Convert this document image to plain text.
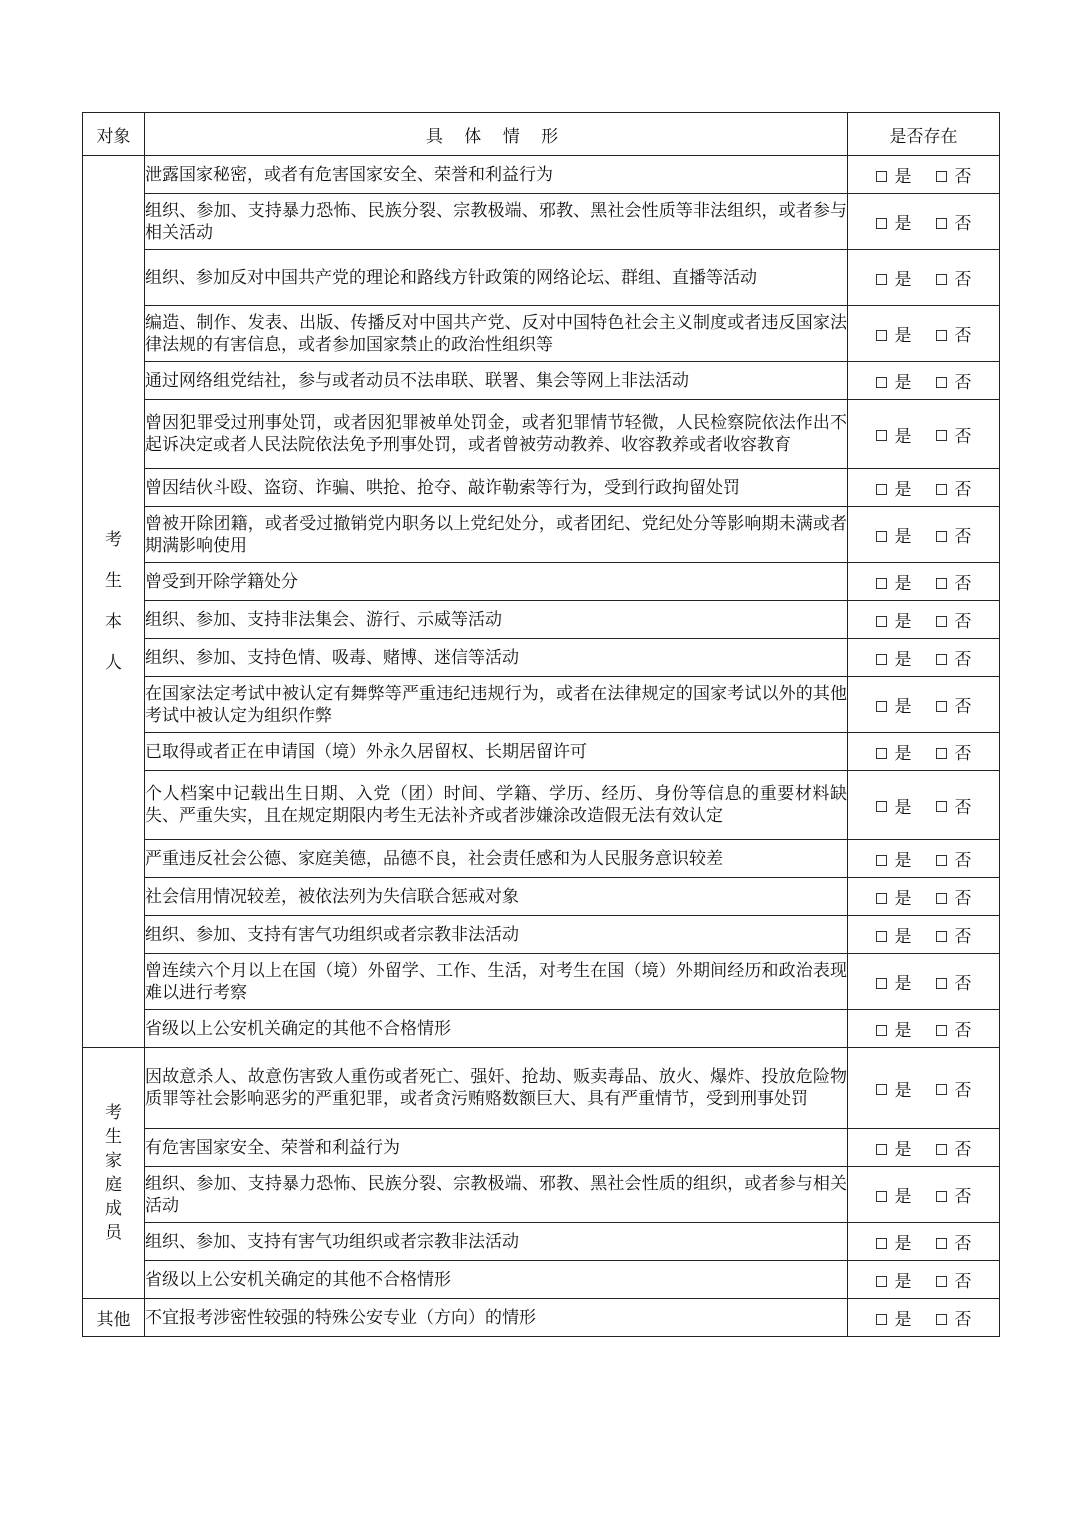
对象	具 体 情 形	是否存在
考生本人	泄露国家秘密，或者有危害国家安全、荣誉和利益行为	是 否
	组织、参加、支持暴力恐怖、民族分裂、宗教极端、邪教、黑社会性质等非法组织，或者参与相关活动	是 否
	组织、参加反对中国共产党的理论和路线方针政策的网络论坛、群组、直播等活动	是 否
	编造、制作、发表、出版、传播反对中国共产党、反对中国特色社会主义制度或者违反国家法律法规的有害信息，或者参加国家禁止的政治性组织等	是 否
	通过网络组党结社，参与或者动员不法串联、联署、集会等网上非法活动	是 否
	曾因犯罪受过刑事处罚，或者因犯罪被单处罚金，或者犯罪情节轻微，人民检察院依法作出不起诉决定或者人民法院依法免予刑事处罚，或者曾被劳动教养、收容教养或者收容教育	是 否
	曾因结伙斗殴、盗窃、诈骗、哄抢、抢夺、敲诈勒索等行为，受到行政拘留处罚	是 否
	曾被开除团籍，或者受过撤销党内职务以上党纪处分，或者团纪、党纪处分等影响期未满或者期满影响使用	是 否
	曾受到开除学籍处分	是 否
	组织、参加、支持非法集会、游行、示威等活动	是 否
	组织、参加、支持色情、吸毒、赌博、迷信等活动	是 否
	在国家法定考试中被认定有舞弊等严重违纪违规行为，或者在法律规定的国家考试以外的其他考试中被认定为组织作弊	是 否
	已取得或者正在申请国（境）外永久居留权、长期居留许可	是 否
	个人档案中记载出生日期、入党（团）时间、学籍、学历、经历、身份等信息的重要材料缺失、严重失实，且在规定期限内考生无法补齐或者涉嫌涂改造假无法有效认定	是 否
	严重违反社会公德、家庭美德，品德不良，社会责任感和为人民服务意识较差	是 否
	社会信用情况较差，被依法列为失信联合惩戒对象	是 否
	组织、参加、支持有害气功组织或者宗教非法活动	是 否
	曾连续六个月以上在国（境）外留学、工作、生活，对考生在国（境）外期间经历和政治表现难以进行考察	是 否
	省级以上公安机关确定的其他不合格情形	是 否
考生家庭成员	因故意杀人、故意伤害致人重伤或者死亡、强奸、抢劫、贩卖毒品、放火、爆炸、投放危险物质罪等社会影响恶劣的严重犯罪，或者贪污贿赂数额巨大、具有严重情节，受到刑事处罚	是 否
	有危害国家安全、荣誉和利益行为	是 否
	组织、参加、支持暴力恐怖、民族分裂、宗教极端、邪教、黑社会性质的组织，或者参与相关活动	是 否
	组织、参加、支持有害气功组织或者宗教非法活动	是 否
	省级以上公安机关确定的其他不合格情形	是 否
其他	不宜报考涉密性较强的特殊公安专业（方向）的情形	是 否
